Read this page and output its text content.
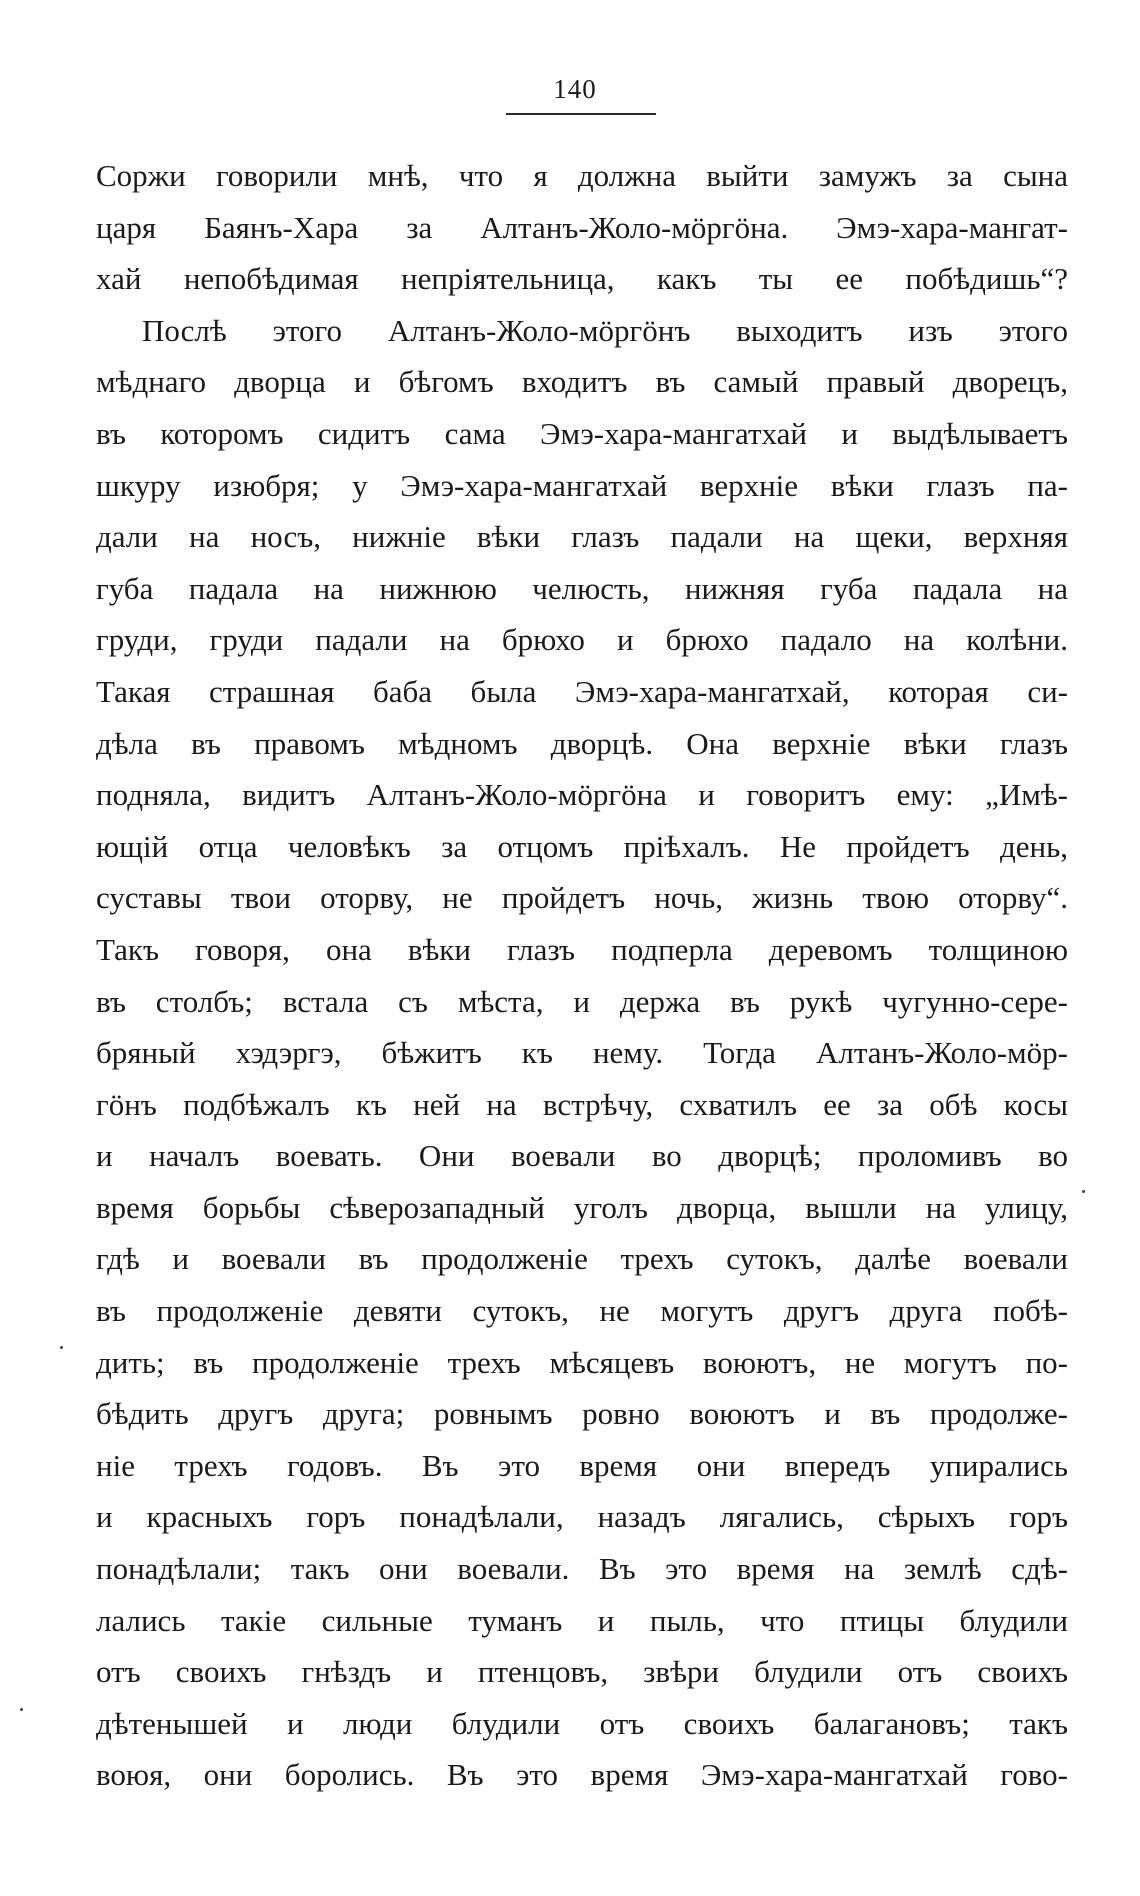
140
Соржи говорили мнѣ, что я должна выйти замужъ за сына
царя Баянъ-Хара за Алтанъ-Жоло-мöргöна. Эмэ-хара-мангат-
хай непобѣдимая непріятельница, какъ ты ее побѣдишь“?
Послѣ этого Алтанъ-Жоло-мöргöнъ выходитъ изъ этого
мѣднаго дворца и бѣгомъ входитъ въ самый правый дворецъ,
въ которомъ сидитъ сама Эмэ-хара-мангатхай и выдѣлываетъ
шкуру изюбря; у Эмэ-хара-мангатхай верхніе вѣки глазъ па-
дали на носъ, нижніе вѣки глазъ падали на щеки, верхняя
губа падала на нижнюю челюсть, нижняя губа падала на
груди, груди падали на брюхо и брюхо падало на колѣни.
Такая страшная баба была Эмэ-хара-мангатхай, которая си-
дѣла въ правомъ мѣдномъ дворцѣ. Она верхніе вѣки глазъ
подняла, видитъ Алтанъ-Жоло-мöргöна и говоритъ ему: „Имѣ-
ющій отца человѣкъ за отцомъ пріѣхалъ. Не пройдетъ день,
суставы твои оторву, не пройдетъ ночь, жизнь твою оторву“.
Такъ говоря, она вѣки глазъ подперла деревомъ толщиною
въ столбъ; встала съ мѣста, и держа въ рукѣ чугунно-сере-
бряный хэдэргэ, бѣжитъ къ нему. Тогда Алтанъ-Жоло-мöр-
гöнъ подбѣжалъ къ ней на встрѣчу, схватилъ ее за обѣ косы
и началъ воевать. Они воевали во дворцѣ; проломивъ во
время борьбы сѣверозападный уголъ дворца, вышли на улицу,
гдѣ и воевали въ продолженіе трехъ сутокъ, далѣе воевали
въ продолженіе девяти сутокъ, не могутъ другъ друга побѣ-
дить; въ продолженіе трехъ мѣсяцевъ воюютъ, не могутъ по-
бѣдить другъ друга; ровнымъ ровно воюютъ и въ продолже-
ніе трехъ годовъ. Въ это время они впередъ упирались
и красныхъ горъ понадѣлали, назадъ лягались, сѣрыхъ горъ
понадѣлали; такъ они воевали. Въ это время на землѣ сдѣ-
лались такіе сильные туманъ и пыль, что птицы блудили
отъ своихъ гнѣздъ и птенцовъ, звѣри блудили отъ своихъ
дѣтенышей и люди блудили отъ своихъ балагановъ; такъ
воюя, они боролись. Въ это время Эмэ-хара-мангатхай гово-
